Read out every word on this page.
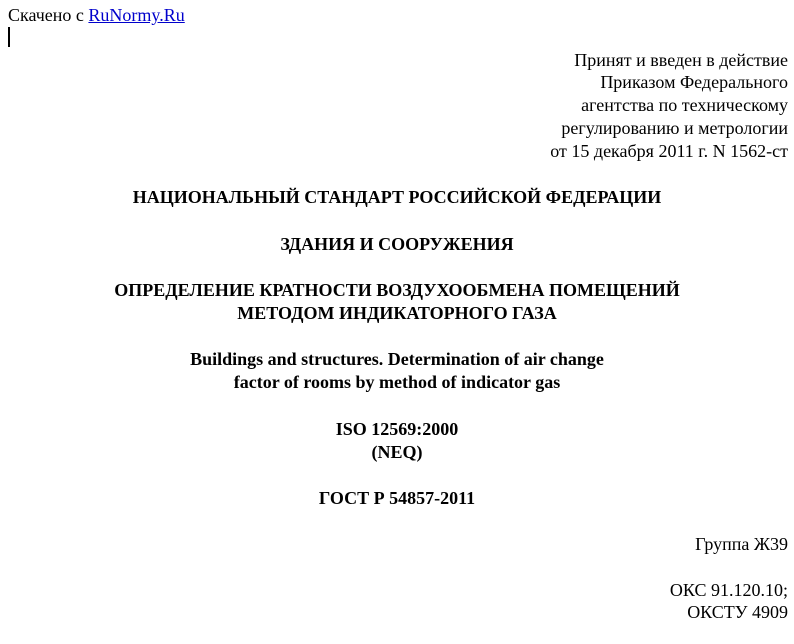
Скачено с RuNormy.Ru
Принят и введен в действие
Приказом Федерального
агентства по техническому
регулированию и метрологии
от 15 декабря 2011 г. N 1562-ст
НАЦИОНАЛЬНЫЙ СТАНДАРТ РОССИЙСКОЙ ФЕДЕРАЦИИ
ЗДАНИЯ И СООРУЖЕНИЯ
ОПРЕДЕЛЕНИЕ КРАТНОСТИ ВОЗДУХООБМЕНА ПОМЕЩЕНИЙ
МЕТОДОМ ИНДИКАТОРНОГО ГАЗА
Buildings and structures. Determination of air change
factor of rooms by method of indicator gas
ISO 12569:2000
(NEQ)
ГОСТ Р 54857-2011
Группа Ж39
ОКС 91.120.10;
ОКСТУ 4909
